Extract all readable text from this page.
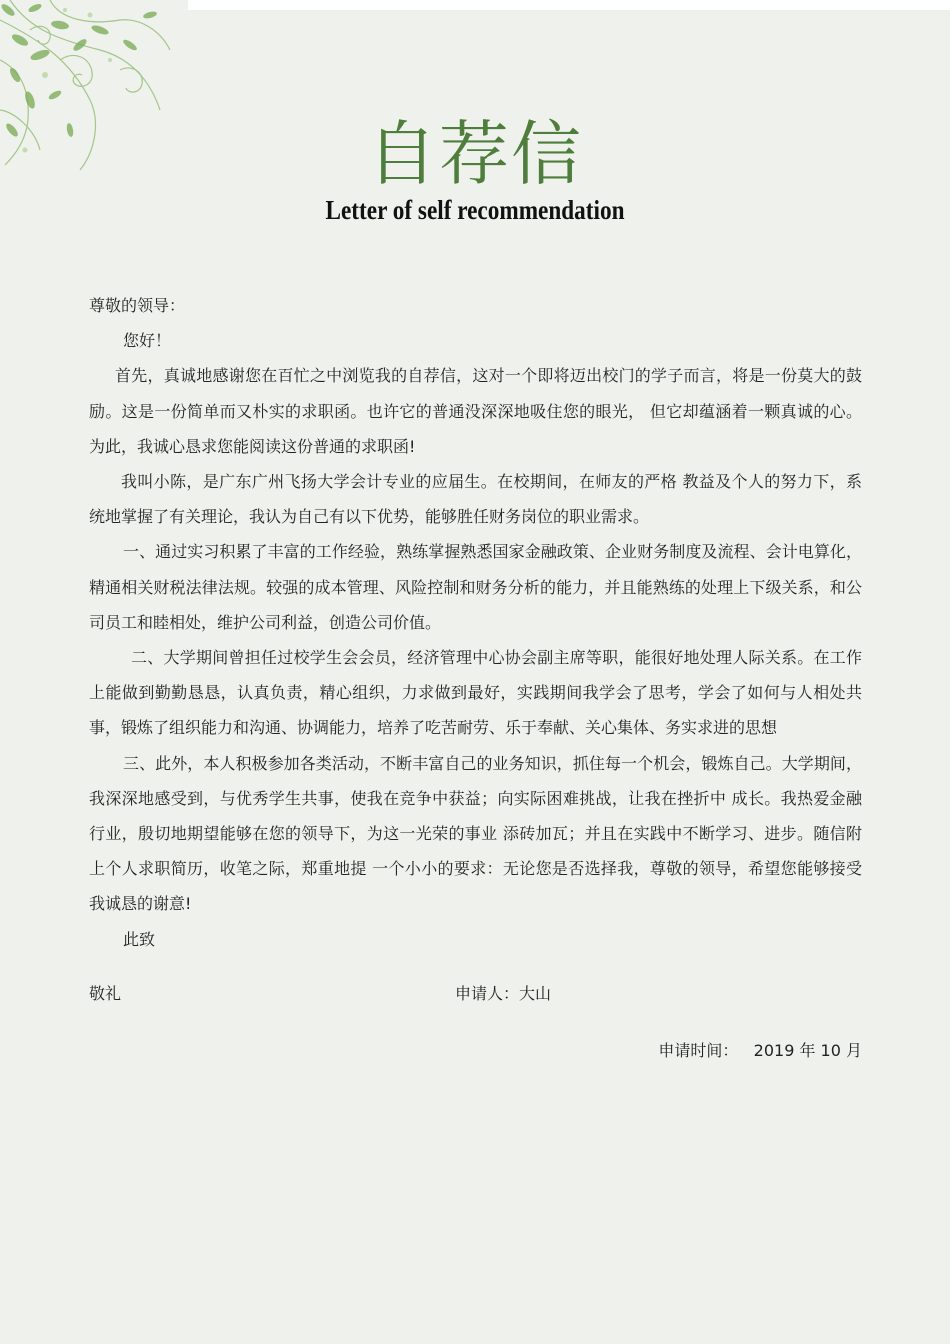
自荐信
Letter of self recommendation

尊敬的领导：

您好！

首先，真诚地感谢您在百忙之中浏览我的自荐信，这对一个即将迈出校门的学子而言，将是一份莫大的鼓励。这是一份简单而又朴实的求职函。也许它的普通没深深地吸住您的眼光， 但它却蕴涵着一颗真诚的心。为此，我诚心恳求您能阅读这份普通的求职函!

我叫小陈，是广东广州飞扬大学会计专业的应届生。在校期间，在师友的严格 教益及个人的努力下，系统地掌握了有关理论，我认为自己有以下优势，能够胜任财务岗位的职业需求。

一、通过实习积累了丰富的工作经验，熟练掌握熟悉国家金融政策、企业财务制度及流程、会计电算化，精通相关财税法律法规。较强的成本管理、风险控制和财务分析的能力，并且能熟练的处理上下级关系，和公司员工和睦相处，维护公司利益，创造公司价值。

二、大学期间曾担任过校学生会会员，经济管理中心协会副主席等职，能很好地处理人际关系。在工作上能做到勤勤恳恳，认真负责，精心组织，力求做到最好，实践期间我学会了思考，学会了如何与人相处共事，锻炼了组织能力和沟通、协调能力，培养了吃苦耐劳、乐于奉献、关心集体、务实求进的思想

三、此外，本人积极参加各类活动，不断丰富自己的业务知识，抓住每一个机会，锻炼自己。大学期间，我深深地感受到，与优秀学生共事，使我在竞争中获益；向实际困难挑战，让我在挫折中 成长。我热爱金融行业，殷切地期望能够在您的领导下，为这一光荣的事业 添砖加瓦；并且在实践中不断学习、进步。随信附上个人求职简历，收笔之际，郑重地提 一个小小的要求：无论您是否选择我，尊敬的领导，希望您能够接受我诚恳的谢意!

此致

敬礼	申请人：大山
申请时间：   2019 年 10 月
